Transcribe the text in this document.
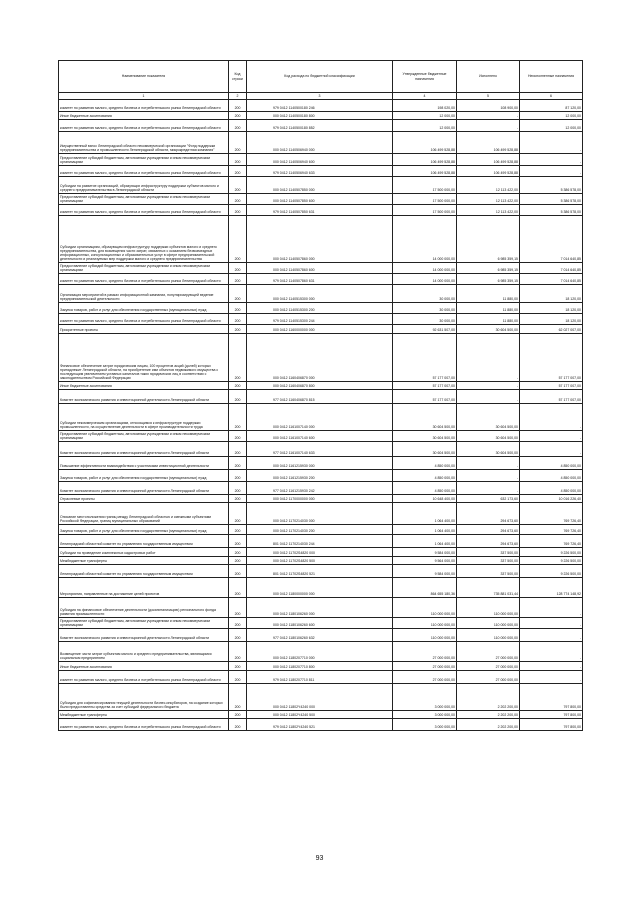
Наименование показателя	Код строки	Код расхода по бюджетной классификации	Утвержденные бюджетные назначения	Исполнено	Неисполненные назначения
1	2	3	4	5	6
комитет по развитию малого, среднего бизнеса и потребительского рынка Ленинградской области	200	979 0412 1140500180 246	198 020,00	108 900,00	87 120,00
Иные бюджетные ассигнования	200	000 0412 1140500180 800	12 000,00	-	12 000,00
комитет по развитию малого, среднего бизнеса и потребительского рынка Ленинградской области	200	979 0412 1140500180 852	12 000,00	-	12 000,00
Имущественный взнос Ленинградской области некоммерческой организации "Фонд поддержки предпринимательства и промышленности Ленинградской области, микрокредитная компания"	200	000 0412 1140506940 000	106 499 528,88	106 499 528,88	-
Предоставление субсидий бюджетным, автономным учреждениям и иным некоммерческим организациям	200	000 0412 1140506940 600	106 499 528,88	106 499 528,88	-
комитет по развитию малого, среднего бизнеса и потребительского рынка Ленинградской области	200	979 0412 1140506940 633	106 499 528,88	106 499 528,88	-
Субсидии на развитие организаций, образующих инфраструктуру поддержки субъектов малого и среднего предпринимательства в Ленинградской области	200	000 0412 1140507850 000	17 500 000,00	12 113 422,00	5 386 578,00
Предоставление субсидий бюджетным, автономным учреждениям и иным некоммерческим организациям	200	000 0412 1140507850 600	17 500 000,00	12 113 422,00	5 386 578,00
комитет по развитию малого, среднего бизнеса и потребительского рынка Ленинградской области	200	979 0412 1140507850 631	17 500 000,00	12 113 422,00	5 386 578,00
Субсидии организациям, образующим инфраструктуру поддержки субъектов малого и среднего предпринимательства, для возмещения части затрат, связанных с оказанием безвозмездных информационных, консультационных и образовательных услуг в сфере предпринимательской деятельности и реализуемых мер поддержки малого и среднего предпринимательства	200	000 0412 1140507860 000	14 000 000,00	6 985 359,15	7 014 640,85
Предоставление субсидий бюджетным, автономным учреждениям и иным некоммерческим организациям	200	000 0412 1140507860 600	14 000 000,00	6 985 359,15	7 014 640,85
комитет по развитию малого, среднего бизнеса и потребительского рынка Ленинградской области	200	979 0412 1140507860 631	14 000 000,00	6 985 359,15	7 014 640,85
Организация мероприятий в рамках информационной кампании, популяризирующей ведение предпринимательской деятельности	200	000 0412 1140515300 000	30 000,00	11 880,00	18 120,00
Закупка товаров, работ и услуг для обеспечения государственных (муниципальных) нужд	200	000 0412 1140515300 200	30 000,00	11 880,00	18 120,00
комитет по развитию малого, среднего бизнеса и потребительского рынка Ленинградской области	200	979 0412 1140515300 244	30 000,00	11 880,00	18 120,00
Приоритетные проекты	200	000 0412 1160000000 000	92 631 507,00	30 604 500,00	62 027 007,00
Финансовое обеспечение затрат юридическим лицам, 100 процентов акций (долей) которых принадлежит Ленинградской области, на приобретение ими объектов недвижимого имущества с последующим увеличением уставных капиталов таких юридических лиц в соответствии с законодательством Российской Федерации	200	000 0412 1160406870 000	57 177 007,00	-	57 177 007,00
Иные бюджетные ассигнования	200	000 0412 1160406870 800	57 177 007,00	-	57 177 007,00
Комитет экономического развития и инвестиционной деятельности Ленинградской области	200	977 0412 1160406870 815	57 177 007,00	-	57 177 007,00
Субсидии некоммерческим организациям, относящимся к инфраструктуре поддержки промышленности, на осуществление деятельности в сфере производительности труда	200	000 0412 1161007140 000	30 604 500,00	30 604 500,00	-
Предоставление субсидий бюджетным, автономным учреждениям и иным некоммерческим организациям	200	000 0412 1161007140 600	30 604 500,00	30 604 500,00	-
Комитет экономического развития и инвестиционной деятельности Ленинградской области	200	977 0412 1161007140 633	30 604 500,00	30 604 500,00	-
Повышение эффективности взаимодействия с участниками инвестиционной деятельности	200	000 0412 1161215930 000	4 850 000,00	-	4 850 000,00
Закупка товаров, работ и услуг для обеспечения государственных (муниципальных) нужд	200	000 0412 1161215930 200	4 850 000,00	-	4 850 000,00
Комитет экономического развития и инвестиционной деятельности Ленинградской области	200	977 0412 1161215930 242	4 850 000,00	-	4 850 000,00
Отраслевые проекты	200	000 0412 1170000000 000	10 648 400,00	632 173,60	10 016 226,40
Описание местоположения границ между Ленинградской областью и смежными субъектами Российской Федерации, границ муниципальных образований	200	000 0412 1170214030 000	1 064 400,00	294 673,60	769 726,40
Закупка товаров, работ и услуг для обеспечения государственных (муниципальных) нужд	200	000 0412 1170214030 200	1 064 400,00	294 673,60	769 726,40
Ленинградский областной комитет по управлению государственным имуществом	200	801 0412 1170214030 244	1 064 400,00	294 673,60	769 726,40
Субсидии на проведение комплексных кадастровых работ	200	000 0412 11702S4820 000	9 584 000,00	337 500,00	9 226 500,00
Межбюджетные трансферты	200	000 0412 11702S4820 500	9 564 000,00	337 500,00	9 226 500,00
Ленинградский областной комитет по управлению государственным имуществом	200	801 0412 11702S4820 521	9 584 000,00	337 500,00	9 226 500,00
Мероприятия, направленные на достижение целей проектов	200	000 0412 1180000000 000	864 655 180,36	735 881 031,44	128 774 148,92
Субсидия на финансовое обеспечение деятельности (докапитализацию) регионального фонда развития промышленности	200	000 0412 1180106260 000	110 000 000,00	110 000 000,00	-
Предоставление субсидий бюджетным, автономным учреждениям и иным некоммерческим организациям	200	000 0412 1180106260 600	110 000 000,00	110 000 000,00	-
Комитет экономического развития и инвестиционной деятельности Ленинградской области	200	977 0412 1180106260 632	110 000 000,00	110 000 000,00	-
Возмещение части затрат субъектам малого и среднего предпринимательства, являющимся социальным предприятием	200	000 0412 1180207710 000	27 000 000,00	27 000 000,00	-
Иные бюджетные ассигнования	200	000 0412 1180207710 800	27 000 000,00	27 000 000,00	-
комитет по развитию малого, среднего бизнеса и потребительского рынка Ленинградской области	200	979 0412 1180207710 811	27 000 000,00	27 000 000,00	-
Субсидия для софинансирования текущей деятельности бизнес-инкубаторов, на создание которых были предоставлены средства за счет субсидий федерального бюджета	200	000 0412 11802Y4240 000	3 000 000,00	2 202 200,00	797 800,00
Межбюджетные трансферты	200	000 0412 11802Y4240 500	3 000 000,00	2 202 200,00	797 800,00
комитет по развитию малого, среднего бизнеса и потребительского рынка Ленинградской области	200	979 0412 11802Y4240 521	3 000 000,00	2 202 200,00	797 800,00
93
